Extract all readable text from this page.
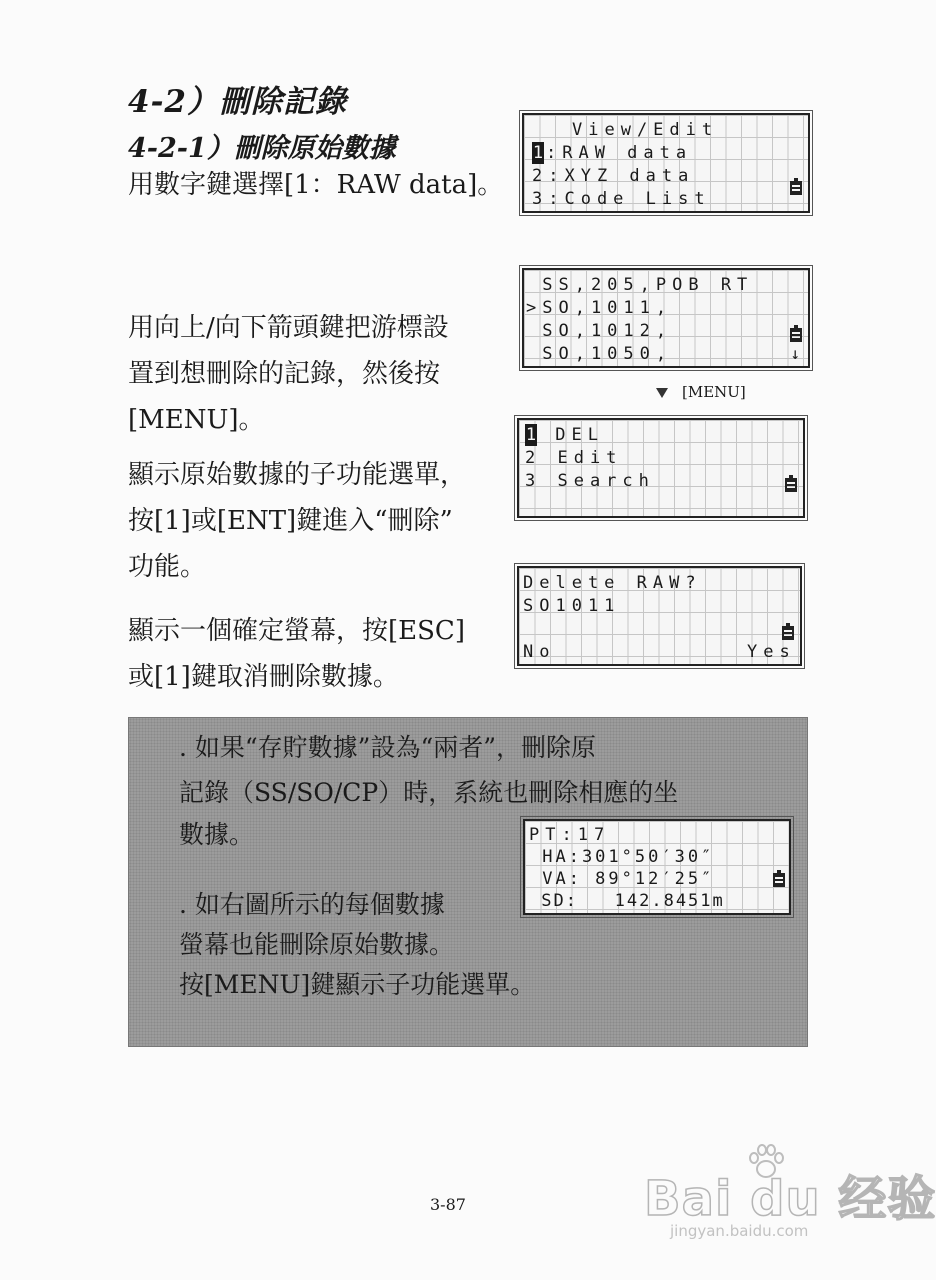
4-2）刪除記錄
4-2-1）刪除原始數據
用數字鍵選擇[1：RAW data]。
用向上/向下箭頭鍵把游標設
置到想刪除的記錄，然後按
[MENU]。
顯示原始數據的子功能選單，
按[1]或[ENT]鍵進入“刪除”
功能。
顯示一個確定螢幕，按[ESC]
或[1]鍵取消刪除數據。
View/Edit
1 :RAW data
2:XYZ data
3:Code List
SS,205,POB RT
>SO,1011,
SO,1012,
SO,1050,	↓
[MENU]
1 DEL
2 Edit
3 Search
Delete RAW?
SO1011
No	Yes
. 如果“存貯數據”設為“兩者”，刪除原
記錄（SS/SO/CP）時，系統也刪除相應的坐
數據。
. 如右圖所示的每個數據
螢幕也能刪除原始數據。
按[MENU]鍵顯示子功能選單。
PT:17
HA:301°50′30″
VA: 89°12′25″
SD:   142.8451m
3-87	Bai du 经验
jingyan.baidu.com
